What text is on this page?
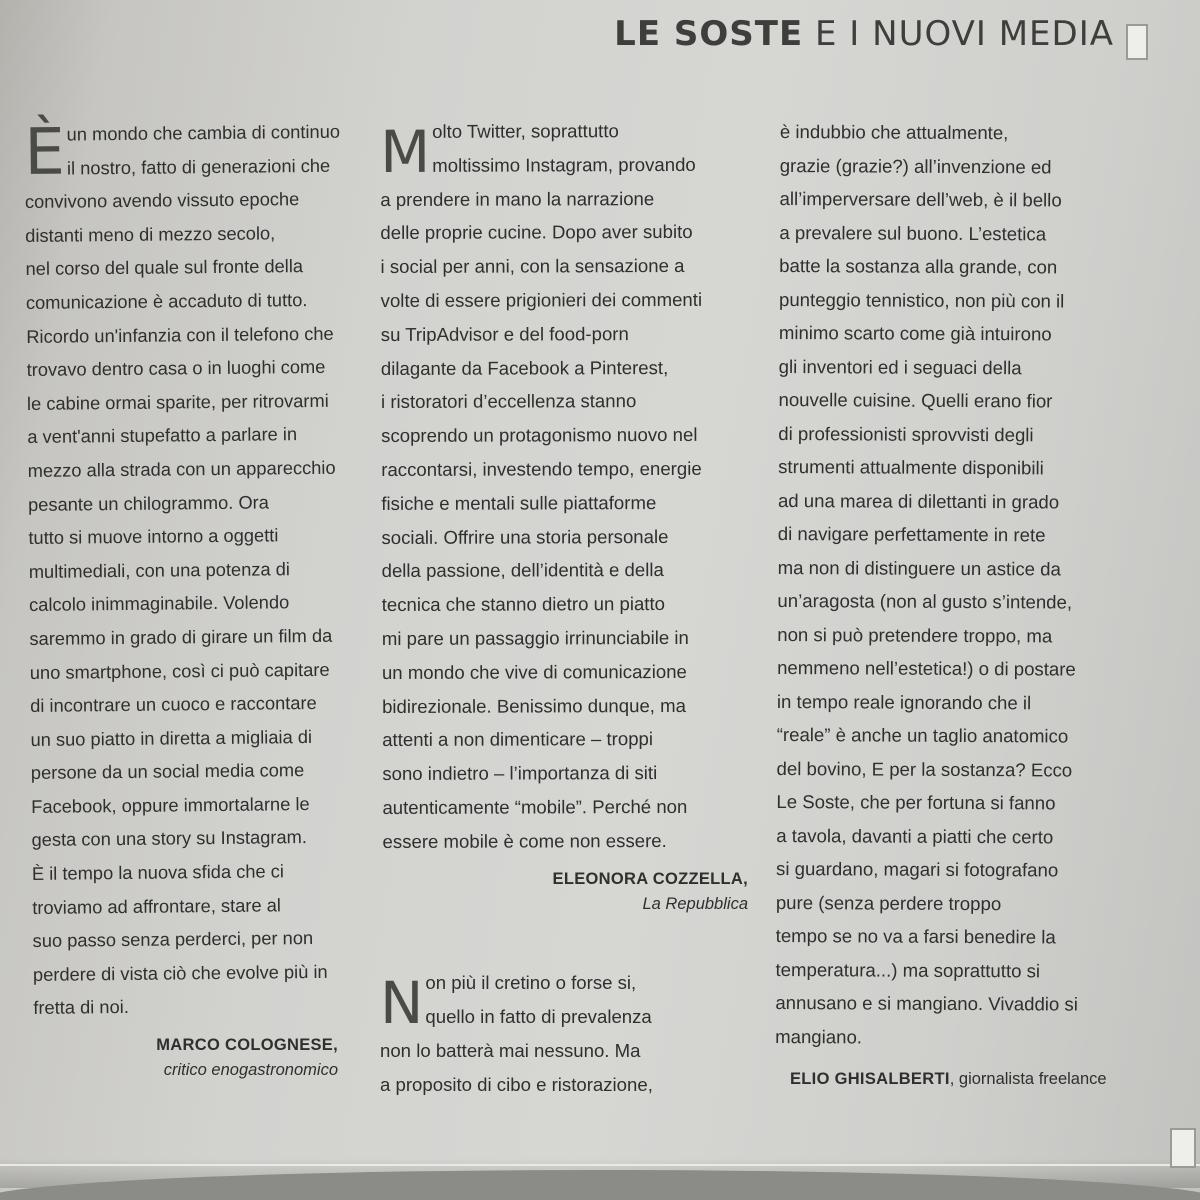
LE SOSTE E I NUOVI MEDIA
È un mondo che cambia di continuo
il nostro, fatto di generazioni che
convivono avendo vissuto epoche
distanti meno di mezzo secolo,
nel corso del quale sul fronte della
comunicazione è accaduto di tutto.
Ricordo un'infanzia con il telefono che
trovavo dentro casa o in luoghi come
le cabine ormai sparite, per ritrovarmi
a vent'anni stupefatto a parlare in
mezzo alla strada con un apparecchio
pesante un chilogrammo. Ora
tutto si muove intorno a oggetti
multimediali, con una potenza di
calcolo inimmaginabile. Volendo
saremmo in grado di girare un film da
uno smartphone, così ci può capitare
di incontrare un cuoco e raccontare
un suo piatto in diretta a migliaia di
persone da un social media come
Facebook, oppure immortalarne le
gesta con una story su Instagram.
È il tempo la nuova sfida che ci
troviamo ad affrontare, stare al
suo passo senza perderci, per non
perdere di vista ciò che evolve più in
fretta di noi.
MARCO COLOGNESE,
critico enogastronomico
M olto Twitter, soprattutto
moltissimo Instagram, provando
a prendere in mano la narrazione
delle proprie cucine. Dopo aver subito
i social per anni, con la sensazione a
volte di essere prigionieri dei commenti
su TripAdvisor e del food-porn
dilagante da Facebook a Pinterest,
i ristoratori d’eccellenza stanno
scoprendo un protagonismo nuovo nel
raccontarsi, investendo tempo, energie
fisiche e mentali sulle piattaforme
sociali. Offrire una storia personale
della passione, dell’identità e della
tecnica che stanno dietro un piatto
mi pare un passaggio irrinunciabile in
un mondo che vive di comunicazione
bidirezionale. Benissimo dunque, ma
attenti a non dimenticare – troppi
sono indietro – l’importanza di siti
autenticamente “mobile”. Perché non
essere mobile è come non essere.
ELEONORA COZZELLA,
La Repubblica
N on più il cretino o forse si,
quello in fatto di prevalenza
non lo batterà mai nessuno. Ma
a proposito di cibo e ristorazione,
è indubbio che attualmente,
grazie (grazie?) all’invenzione ed
all’imperversare dell’web, è il bello
a prevalere sul buono. L’estetica
batte la sostanza alla grande, con
punteggio tennistico, non più con il
minimo scarto come già intuirono
gli inventori ed i seguaci della
nouvelle cuisine. Quelli erano fior
di professionisti sprovvisti degli
strumenti attualmente disponibili
ad una marea di dilettanti in grado
di navigare perfettamente in rete
ma non di distinguere un astice da
un’aragosta (non al gusto s’intende,
non si può pretendere troppo, ma
nemmeno nell’estetica!) o di postare
in tempo reale ignorando che il
“reale” è anche un taglio anatomico
del bovino, E per la sostanza? Ecco
Le Soste, che per fortuna si fanno
a tavola, davanti a piatti che certo
si guardano, magari si fotografano
pure (senza perdere troppo
tempo se no va a farsi benedire la
temperatura...) ma soprattutto si
annusano e si mangiano. Vivaddio si
mangiano.
ELIO GHISALBERTI, giornalista freelance
